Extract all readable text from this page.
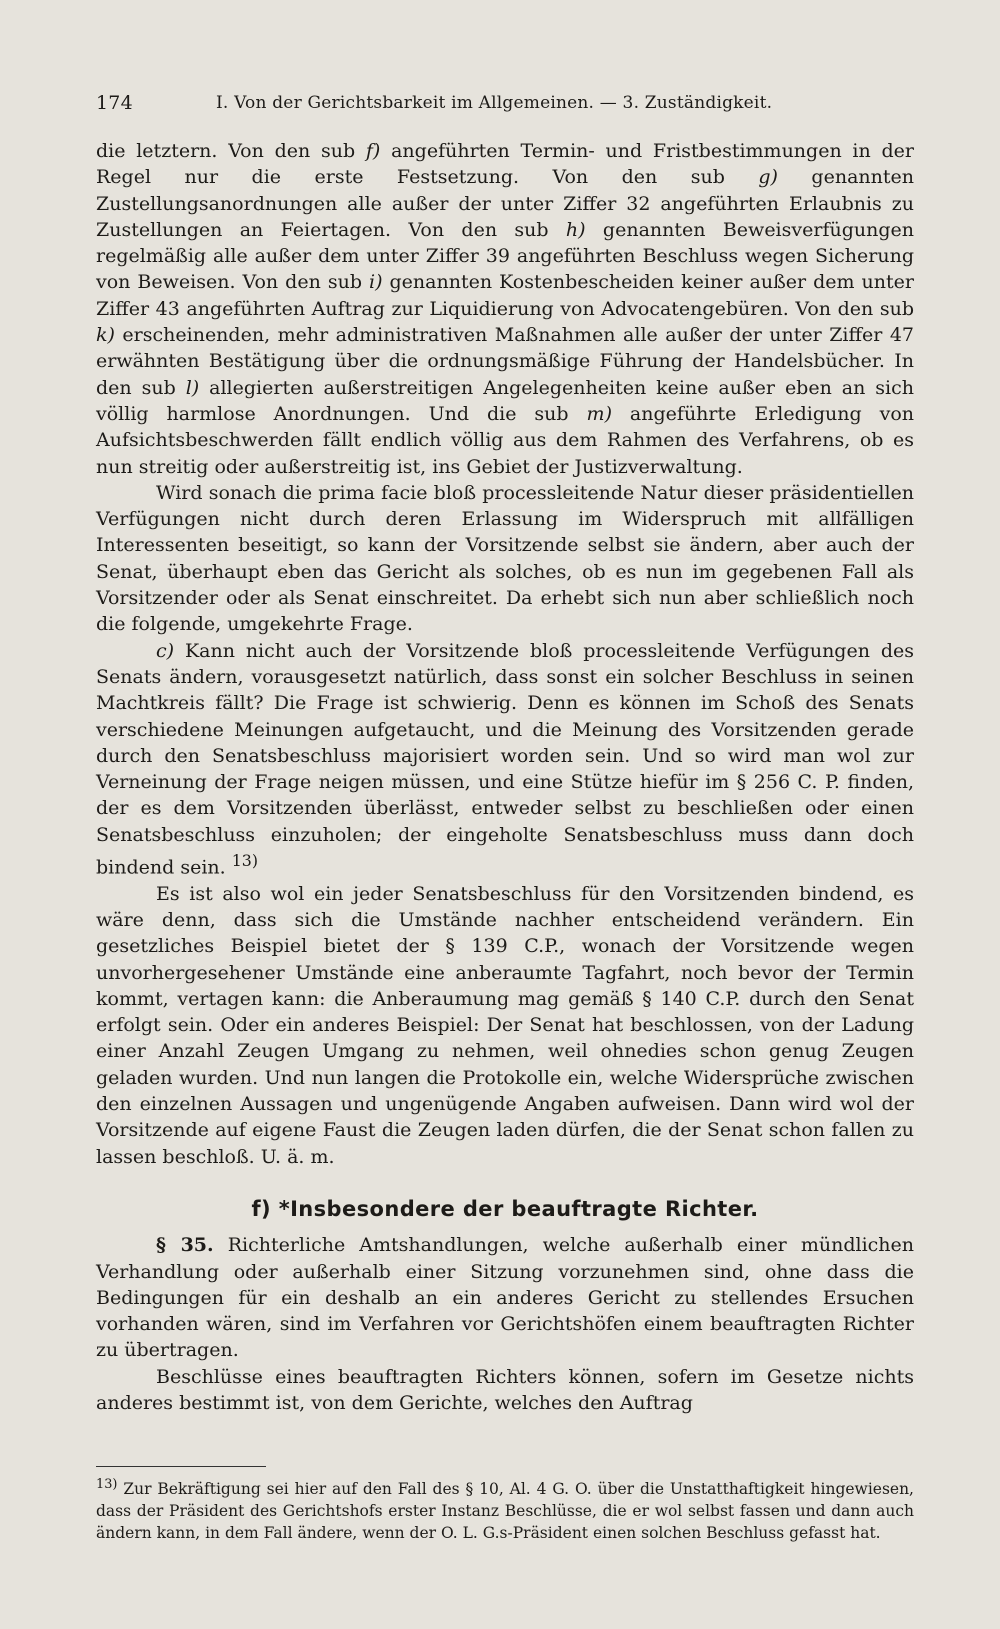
174	I. Von der Gerichtsbarkeit im Allgemeinen. — 3. Zuständigkeit.

die letztern. Von den sub f) angeführten Termin- und Fristbestimmungen in der Regel nur die erste Festsetzung. Von den sub g) genannten Zustellungsanordnungen alle außer der unter Ziffer 32 angeführten Erlaubnis zu Zustellungen an Feiertagen. Von den sub h) genannten Beweisverfügungen regelmäßig alle außer dem unter Ziffer 39 angeführten Beschluss wegen Sicherung von Beweisen. Von den sub i) genannten Kostenbescheiden keiner außer dem unter Ziffer 43 angeführten Auftrag zur Liquidierung von Advocatengebüren. Von den sub k) erscheinenden, mehr administrativen Maßnahmen alle außer der unter Ziffer 47 erwähnten Bestätigung über die ordnungsmäßige Führung der Handelsbücher. In den sub l) allegierten außerstreitigen Angelegenheiten keine außer eben an sich völlig harmlose Anordnungen. Und die sub m) angeführte Erledigung von Aufsichtsbeschwerden fällt endlich völlig aus dem Rahmen des Verfahrens, ob es nun streitig oder außerstreitig ist, ins Gebiet der Justizverwaltung.

Wird sonach die prima facie bloß processleitende Natur dieser präsidentiellen Verfügungen nicht durch deren Erlassung im Widerspruch mit allfälligen Interessenten beseitigt, so kann der Vorsitzende selbst sie ändern, aber auch der Senat, überhaupt eben das Gericht als solches, ob es nun im gegebenen Fall als Vorsitzender oder als Senat einschreitet. Da erhebt sich nun aber schließlich noch die folgende, umgekehrte Frage.

c) Kann nicht auch der Vorsitzende bloß processleitende Verfügungen des Senats ändern, vorausgesetzt natürlich, dass sonst ein solcher Beschluss in seinen Machtkreis fällt? Die Frage ist schwierig. Denn es können im Schoß des Senats verschiedene Meinungen aufgetaucht, und die Meinung des Vorsitzenden gerade durch den Senatsbeschluss majorisiert worden sein. Und so wird man wol zur Verneinung der Frage neigen müssen, und eine Stütze hiefür im § 256 C. P. finden, der es dem Vorsitzenden überlässt, entweder selbst zu beschließen oder einen Senatsbeschluss einzuholen; der eingeholte Senatsbeschluss muss dann doch bindend sein. $^{13)}$

Es ist also wol ein jeder Senatsbeschluss für den Vorsitzenden bindend, es wäre denn, dass sich die Umstände nachher entscheidend verändern. Ein gesetzliches Beispiel bietet der § 139 C.P., wonach der Vorsitzende wegen unvorhergesehener Umstände eine anberaumte Tagfahrt, noch bevor der Termin kommt, vertagen kann: die Anberaumung mag gemäß § 140 C.P. durch den Senat erfolgt sein. Oder ein anderes Beispiel: Der Senat hat beschlossen, von der Ladung einer Anzahl Zeugen Umgang zu nehmen, weil ohnedies schon genug Zeugen geladen wurden. Und nun langen die Protokolle ein, welche Widersprüche zwischen den einzelnen Aussagen und ungenügende Angaben aufweisen. Dann wird wol der Vorsitzende auf eigene Faust die Zeugen laden dürfen, die der Senat schon fallen zu lassen beschloß. U. ä. m.

f) *Insbesondere der beauftragte Richter.

§ 35. Richterliche Amtshandlungen, welche außerhalb einer mündlichen Verhandlung oder außerhalb einer Sitzung vorzunehmen sind, ohne dass die Bedingungen für ein deshalb an ein anderes Gericht zu stellendes Ersuchen vorhanden wären, sind im Verfahren vor Gerichtshöfen einem beauftragten Richter zu übertragen.

Beschlüsse eines beauftragten Richters können, sofern im Gesetze nichts anderes bestimmt ist, von dem Gerichte, welches den Auftrag

$^{13)}$ Zur Bekräftigung sei hier auf den Fall des § 10, Al. 4 G. O. über die Unstatthaftigkeit hingewiesen, dass der Präsident des Gerichtshofs erster Instanz Beschlüsse, die er wol selbst fassen und dann auch ändern kann, in dem Fall ändere, wenn der O. L. G.s-Präsident einen solchen Beschluss gefasst hat.
